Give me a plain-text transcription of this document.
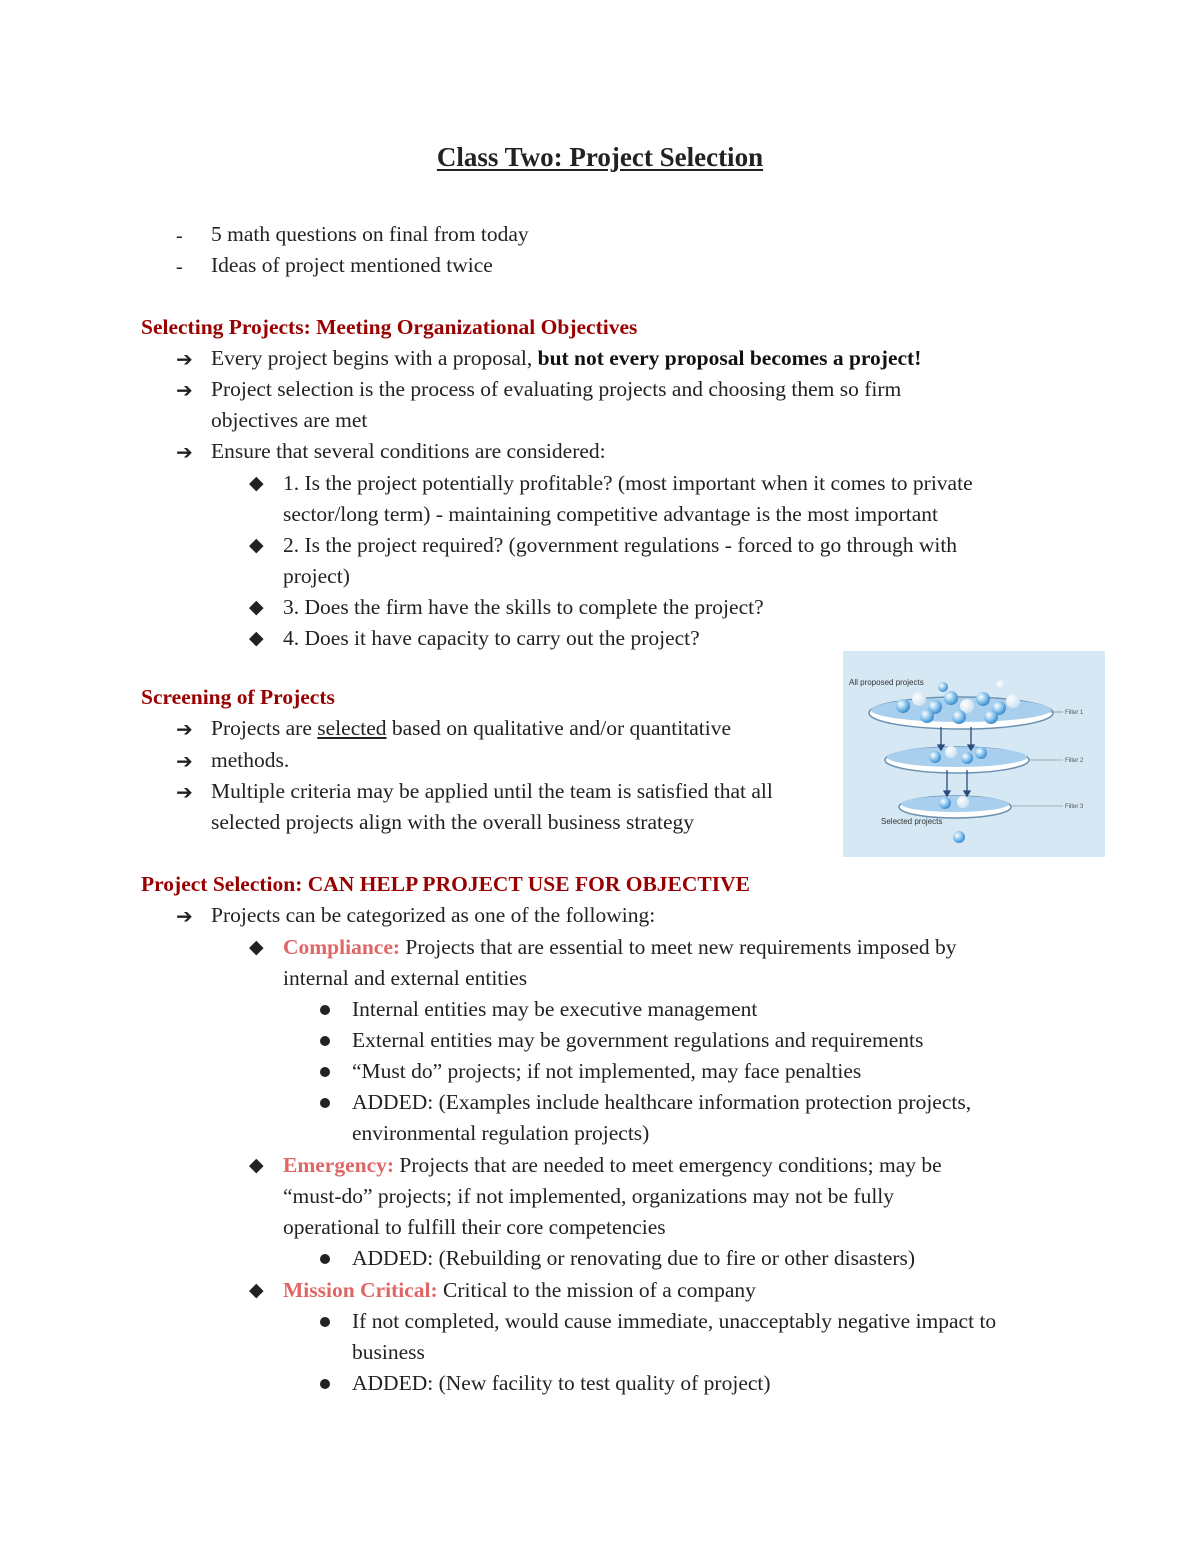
Class Two: Project Selection
- 5 math questions on final from today
- Ideas of project mentioned twice
Selecting Projects: Meeting Organizational Objectives
➔ Every project begins with a proposal, but not every proposal becomes a project!
➔ Project selection is the process of evaluating projects and choosing them so firm
objectives are met
➔ Ensure that several conditions are considered:
◆ 1. Is the project potentially profitable? (most important when it comes to private
sector/long term) - maintaining competitive advantage is the most important
◆ 2. Is the project required? (government regulations - forced to go through with
project)
◆ 3. Does the firm have the skills to complete the project?
◆ 4. Does it have capacity to carry out the project?
Screening of Projects
➔ Projects are selected based on qualitative and/or quantitative
➔ methods.
➔ Multiple criteria may be applied until the team is satisfied that all
selected projects align with the overall business strategy
All proposed projects
Selected projects
Filter 1
Filter 2
Filter 3
Project Selection: CAN HELP PROJECT USE FOR OBJECTIVE
➔ Projects can be categorized as one of the following:
◆ Compliance: Projects that are essential to meet new requirements imposed by
internal and external entities
Internal entities may be executive management
External entities may be government regulations and requirements
“Must do” projects; if not implemented, may face penalties
ADDED: (Examples include healthcare information protection projects,
environmental regulation projects)
◆ Emergency: Projects that are needed to meet emergency conditions; may be
“must-do” projects; if not implemented, organizations may not be fully
operational to fulfill their core competencies
ADDED: (Rebuilding or renovating due to fire or other disasters)
◆ Mission Critical: Critical to the mission of a company
If not completed, would cause immediate, unacceptably negative impact to
business
ADDED: (New facility to test quality of project)
